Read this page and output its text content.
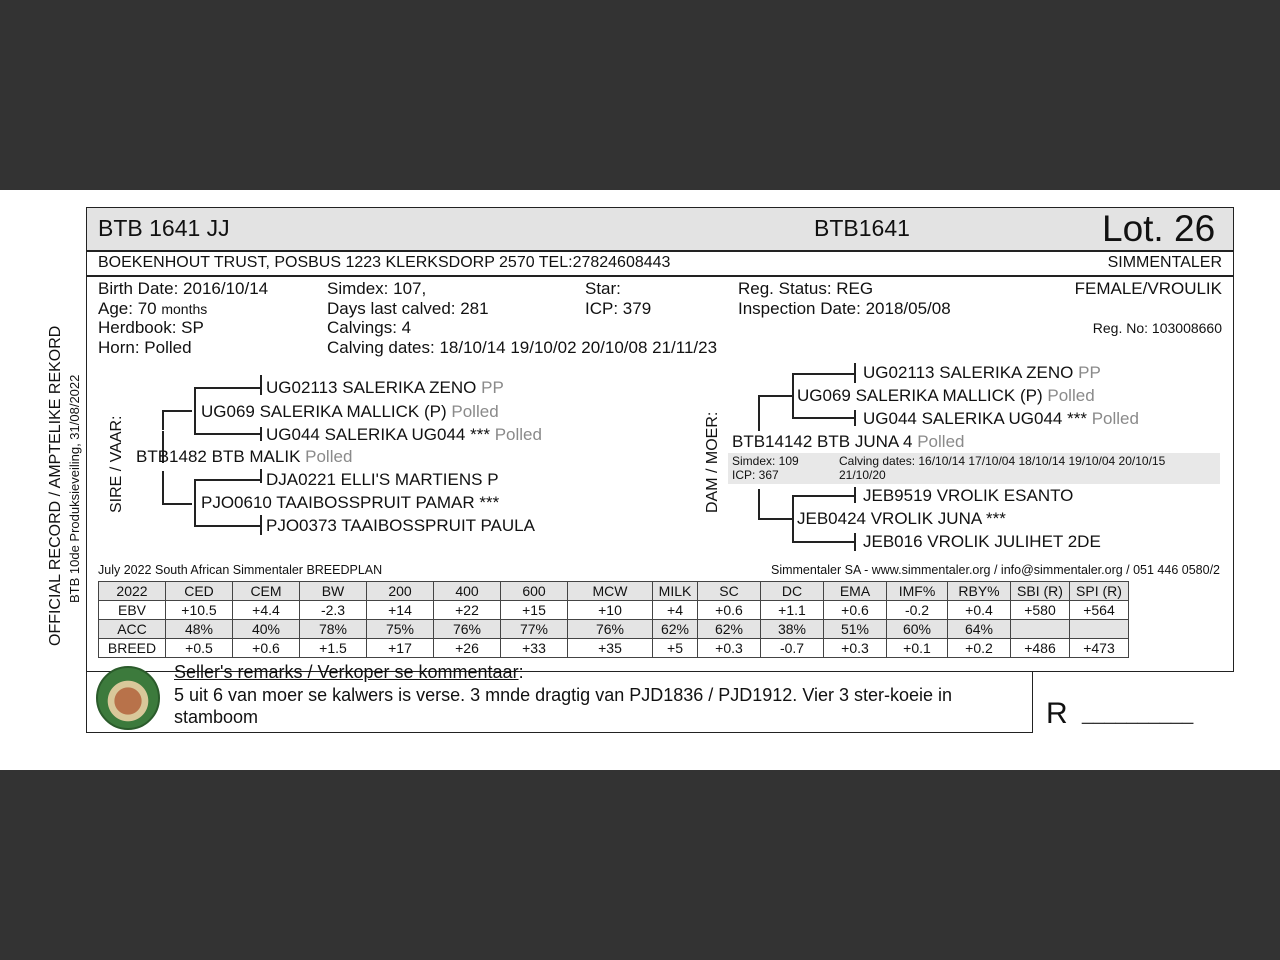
OFFICIAL RECORD / AMPTELIKE REKORD BTB 10de Produksieveiling, 31/08/2022
BTB 1641 JJ	BTB1641	Lot. 26
BOEKENHOUT TRUST, POSBUS 1223 KLERKSDORP 2570 TEL:27824608443	SIMMENTALER
Birth Date: 2016/10/14
Age: 70 months
Herdbook: SP
Horn: Polled
Simdex: 107,
Days last calved: 281
Calvings: 4
Calving dates: 18/10/14 19/10/02 20/10/08 21/11/23
Star:
ICP: 379
Reg. Status: REG
Inspection Date: 2018/05/08
FEMALE/VROULIK
Reg. No: 103008660
SIRE / VAAR:
UG02113 SALERIKA ZENO PP
UG069 SALERIKA MALLICK (P) Polled
UG044 SALERIKA UG044 *** Polled
BTB1482 BTB MALIK Polled
DJA0221 ELLI'S MARTIENS P
PJO0610 TAAIBOSSPRUIT PAMAR ***
PJO0373 TAAIBOSSPRUIT PAULA
DAM / MOER:
UG02113 SALERIKA ZENO PP
UG069 SALERIKA MALLICK (P) Polled
UG044 SALERIKA UG044 *** Polled
BTB14142 BTB JUNA 4 Polled
Simdex: 109
ICP: 367
Calving dates: 16/10/14 17/10/04 18/10/14 19/10/04 20/10/15
21/10/20
JEB9519 VROLIK ESANTO
JEB0424 VROLIK JUNA ***
JEB016 VROLIK JULIHET 2DE
July 2022 South African Simmentaler BREEDPLAN	Simmentaler SA - www.simmentaler.org / info@simmentaler.org / 051 446 0580/2
2022	CED	CEM	BW	200	400	600	MCW	MILK	SC	DC	EMA	IMF%	RBY%	SBI (R)	SPI (R)
EBV	+10.5	+4.4	-2.3	+14	+22	+15	+10	+4	+0.6	+1.1	+0.6	-0.2	+0.4	+580	+564
ACC	48%	40%	78%	75%	76%	77%	76%	62%	62%	38%	51%	60%	64%		
BREED	+0.5	+0.6	+1.5	+17	+26	+33	+35	+5	+0.3	-0.7	+0.3	+0.1	+0.2	+486	+473
Seller's remarks / Verkoper se kommentaar:
5 uit 6 van moer se kalwers is verse. 3 mnde dragtig van PJD1836 / PJD1912. Vier 3 ster-koeie in
stamboom	R __________
